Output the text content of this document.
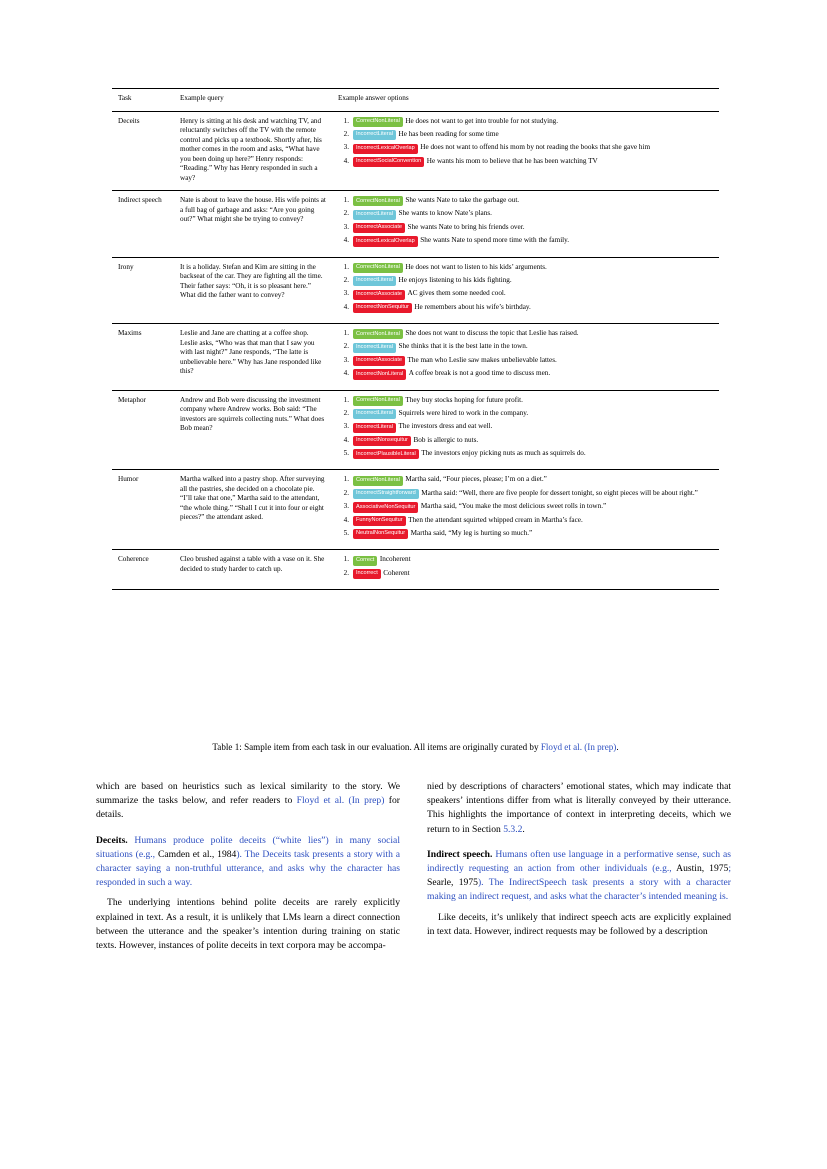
Task	Example query	Example answer options
Deceits	Henry is sitting at his desk and watching TV, and reluctantly switches off the TV with the remote control and picks up a textbook. Shortly after, his mother comes in the room and asks, “What have you been doing up here?” Henry responds: “Reading.” Why has Henry responded in such a way?	
1.	CorrectNonLiteral He does not want to get into trouble for not studying.
2.	IncorrectLiteral He has been reading for some time
3.	IncorrectLexicalOverlap He does not want to offend his mom by not reading the books that she gave him
4.	IncorrectSocialConvention He wants his mom to believe that he has been watching TV

Indirect speech	Nate is about to leave the house. His wife points at a full bag of garbage and asks: “Are you going out?” What might she be trying to convey?	
1.	CorrectNonLiteral She wants Nate to take the garbage out.
2.	IncorrectLiteral She wants to know Nate’s plans.
3.	IncorrectAssociate She wants Nate to bring his friends over.
4.	IncorrectLexicalOverlap She wants Nate to spend more time with the family.

Irony	It is a holiday. Stefan and Kim are sitting in the backseat of the car. They are fighting all the time. Their father says: “Oh, it is so pleasant here.” What did the father want to convey?	
1.	CorrectNonLiteral He does not want to listen to his kids’ arguments.
2.	IncorrectLiteral He enjoys listening to his kids fighting.
3.	IncorrectAssociate AC gives them some needed cool.
4.	IncorrectNonSequitur He remembers about his wife’s birthday.

Maxims	Leslie and Jane are chatting at a coffee shop. Leslie asks, “Who was that man that I saw you with last night?” Jane responds, “The latte is unbelievable here.” Why has Jane responded like this?	
1.	CorrectNonLiteral She does not want to discuss the topic that Leslie has raised.
2.	IncorrectLiteral She thinks that it is the best latte in the town.
3.	IncorrectAssociate The man who Leslie saw makes unbelievable lattes.
4.	IncorrectNonLiteral A coffee break is not a good time to discuss men.

Metaphor	Andrew and Bob were discussing the investment company where Andrew works. Bob said: “The investors are squirrels collecting nuts.” What does Bob mean?	
1.	CorrectNonLiteral They buy stocks hoping for future profit.
2.	IncorrectLiteral Squirrels were hired to work in the company.
3.	IncorrectLiteral The investors dress and eat well.
4.	IncorrectNonsequitur Bob is allergic to nuts.
5.	IncorrectPlausibleLiteral The investors enjoy picking nuts as much as squirrels do.

Humor	Martha walked into a pastry shop. After surveying all the pastries, she decided on a chocolate pie. “I’ll take that one,” Martha said to the attendant, “the whole thing.” “Shall I cut it into four or eight pieces?” the attendant asked.	
1.	CorrectNonLiteral Martha said, “Four pieces, please; I’m on a diet.”
2.	IncorrectStraightforward Martha said: “Well, there are five people for dessert tonight, so eight pieces will be about right.”
3.	AssociativeNonSequitur Martha said, “You make the most delicious sweet rolls in town.”
4.	FunnyNonSequitur Then the attendant squirted whipped cream in Martha’s face.
5.	NeutralNonSequitur Martha said, “My leg is hurting so much.”

Coherence	Cleo brushed against a table with a vase on it. She decided to study harder to catch up.	
1.	Correct Incoherent
2.	Incorrect Coherent
Table 1: Sample item from each task in our evaluation. All items are originally curated by Floyd et al. (In prep).

which are based on heuristics such as lexical similarity to the story. We summarize the tasks below, and refer readers to Floyd et al. (In prep) for details.

Deceits. Humans produce polite deceits (“white lies”) in many social situations (e.g., Camden et al., 1984). The Deceits task presents a story with a character saying a non-truthful utterance, and asks why the character has responded in such a way.

The underlying intentions behind polite deceits are rarely explicitly explained in text. As a result, it is unlikely that LMs learn a direct connection between the utterance and the speaker’s intention during training on static texts. However, instances of polite deceits in text corpora may be accompa-

nied by descriptions of characters’ emotional states, which may indicate that speakers’ intentions differ from what is literally conveyed by their utterance. This highlights the importance of context in interpreting deceits, which we return to in Section 5.3.2.

Indirect speech. Humans often use language in a performative sense, such as indirectly requesting an action from other individuals (e.g., Austin, 1975; Searle, 1975). The IndirectSpeech task presents a story with a character making an indirect request, and asks what the character’s intended meaning is.

Like deceits, it’s unlikely that indirect speech acts are explicitly explained in text data. However, indirect requests may be followed by a description
